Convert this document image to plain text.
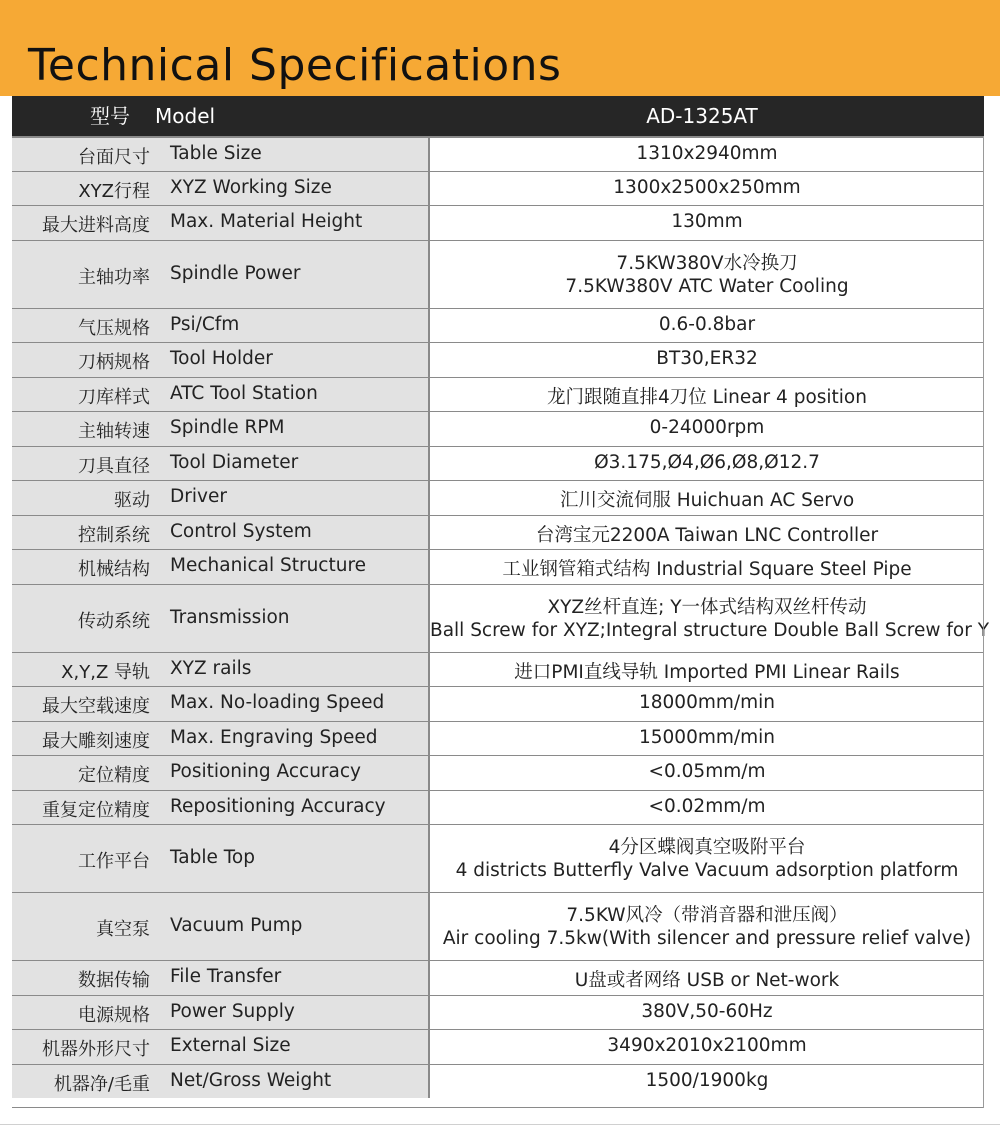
Technical Specifications
型号 Model	AD-1325AT
台面尺寸 Table Size	1310x2940mm
XYZ行程 XYZ Working Size	1300x2500x250mm
最大进料高度 Max. Material Height	130mm
主轴功率 Spindle Power	7.5KW380V水冷换刀
7.5KW380V ATC Water Cooling
气压规格 Psi/Cfm	0.6-0.8bar
刀柄规格 Tool Holder	BT30,ER32
刀库样式 ATC Tool Station	龙门跟随直排4刀位 Linear 4 position
主轴转速 Spindle RPM	0-24000rpm
刀具直径 Tool Diameter	Ø3.175,Ø4,Ø6,Ø8,Ø12.7
驱动 Driver	汇川交流伺服 Huichuan AC Servo
控制系统 Control System	台湾宝元2200A Taiwan LNC Controller
机械结构 Mechanical Structure	工业钢管箱式结构 Industrial Square Steel Pipe
传动系统 Transmission	XYZ丝杆直连; Y一体式结构双丝杆传动
Ball Screw for XYZ;Integral structure Double Ball Screw for Y
X,Y,Z 导轨 XYZ rails	进口PMI直线导轨 Imported PMI Linear Rails
最大空载速度 Max. No-loading Speed	18000mm/min
最大雕刻速度 Max. Engraving Speed	15000mm/min
定位精度 Positioning Accuracy	<0.05mm/m
重复定位精度 Repositioning Accuracy	<0.02mm/m
工作平台 Table Top	4分区蝶阀真空吸附平台
4 districts Butterfly Valve Vacuum adsorption platform
真空泵 Vacuum Pump	7.5KW风冷（带消音器和泄压阀）
Air cooling 7.5kw(With silencer and pressure relief valve)
数据传输 File Transfer	U盘或者网络 USB or Net-work
电源规格 Power Supply	380V,50-60Hz
机器外形尺寸 External Size	3490x2010x2100mm
机器净/毛重 Net/Gross Weight	1500/1900kg
